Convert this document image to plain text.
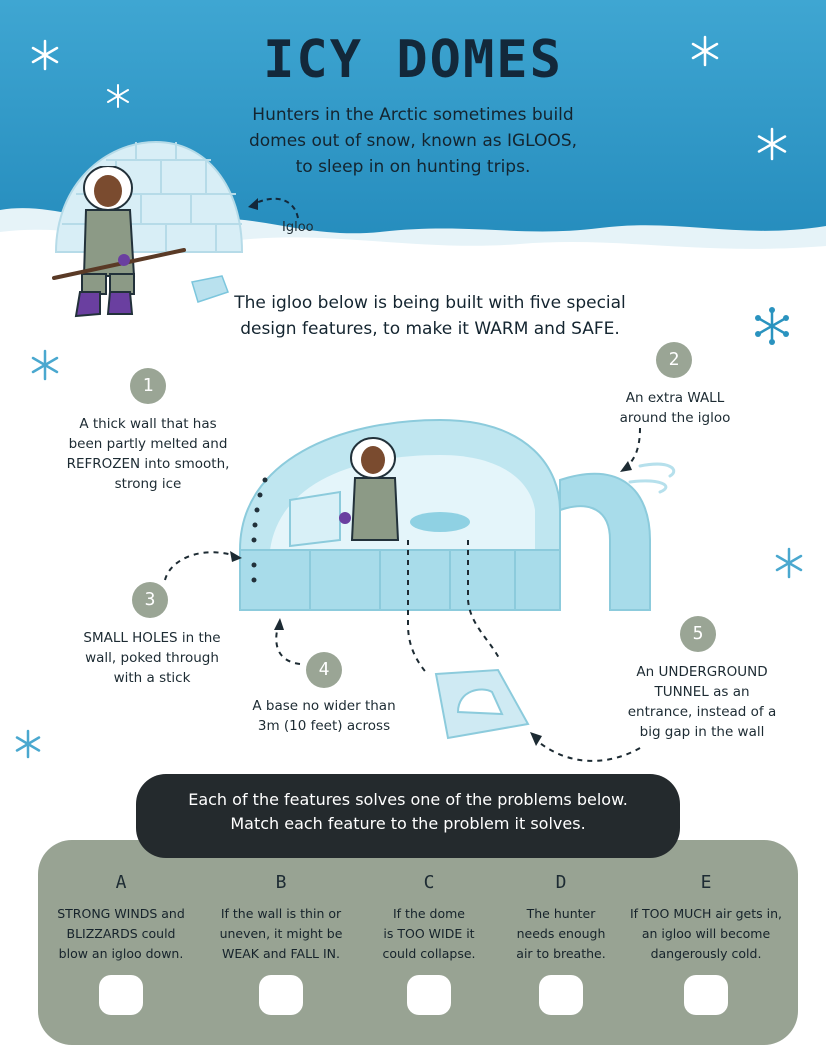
ICY DOMES
Hunters in the Arctic sometimes build
domes out of snow, known as IGLOOS,
to sleep in on hunting trips.
Igloo
The igloo below is being built with five special
design features, to make it WARM and SAFE.
1
A thick wall that has
been partly melted and
REFROZEN into smooth,
strong ice
2
An extra WALL
around the igloo
3
SMALL HOLES in the
wall, poked through
with a stick	4
A base no wider than
3m (10 feet) across
5
An UNDERGROUND
TUNNEL as an
entrance, instead of a
big gap in the wall
Each of the features solves one of the problems below.
Match each feature to the problem it solves.
A
STRONG WINDS and
BLIZZARDS could
blow an igloo down.
B
If the wall is thin or
uneven, it might be
WEAK and FALL IN.
C
If the dome
is TOO WIDE it
could collapse.
D
The hunter
needs enough
air to breathe.
E
If TOO MUCH air gets in,
an igloo will become
dangerously cold.
